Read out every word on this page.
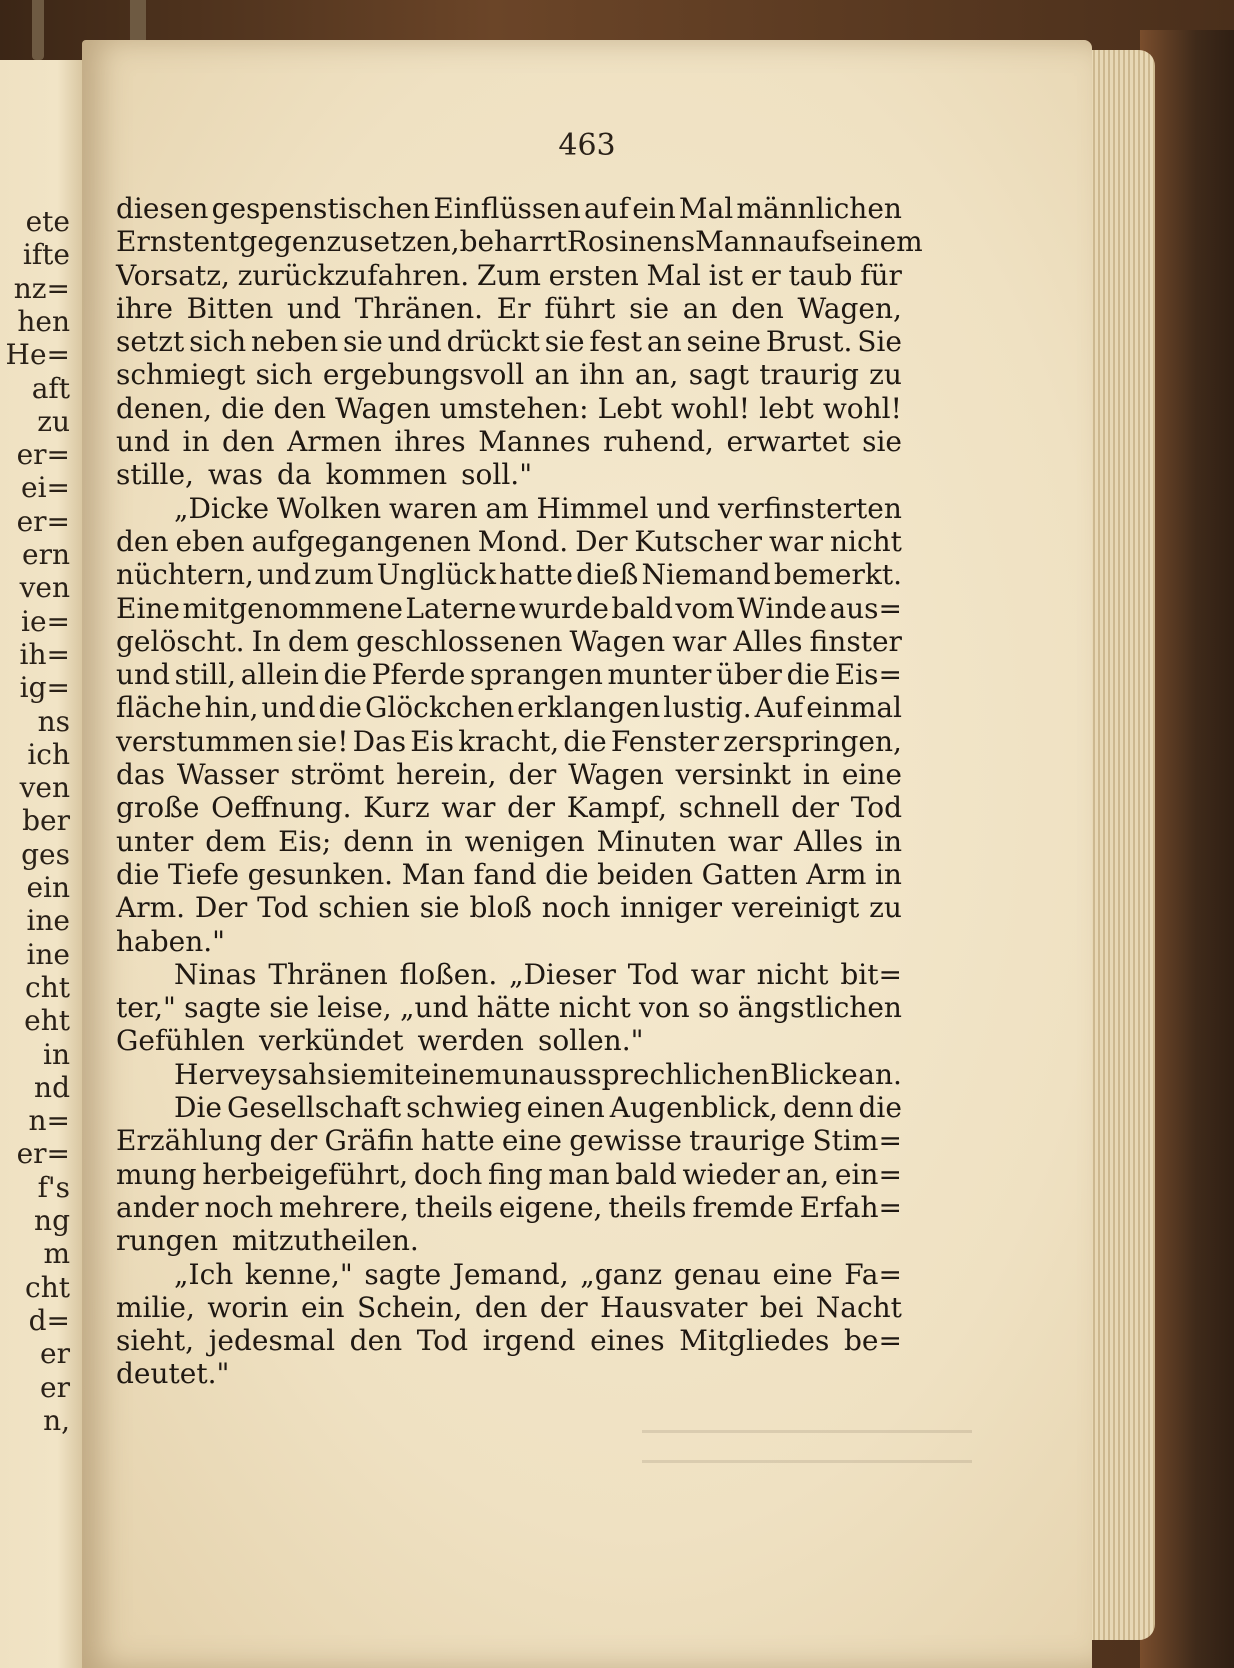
ete
ifte
nz=
hen
He=
aft
zu
er=
ei=
er=
ern
ven
ie=
ih=
ig=
ns
ich
ven
ber
ges
ein
ine
ine
cht
eht
in
nd
n=
er=
f's
ng
m
cht
d=
er
er
n,
463
diesen gespenstischen Einflüssen auf ein Mal männlichen
Ernst entgegenzusetzen, beharrt Rosinens Mann auf seinem
Vorsatz, zurückzufahren. Zum ersten Mal ist er taub für
ihre Bitten und Thränen. Er führt sie an den Wagen,
setzt sich neben sie und drückt sie fest an seine Brust. Sie
schmiegt sich ergebungsvoll an ihn an, sagt traurig zu
denen, die den Wagen umstehen: Lebt wohl! lebt wohl!
und in den Armen ihres Mannes ruhend, erwartet sie
stille, was da kommen soll."
„Dicke Wolken waren am Himmel und verfinsterten
den eben aufgegangenen Mond. Der Kutscher war nicht
nüchtern, und zum Unglück hatte dieß Niemand bemerkt.
Eine mitgenommene Laterne wurde bald vom Winde aus=
gelöscht. In dem geschlossenen Wagen war Alles finster
und still, allein die Pferde sprangen munter über die Eis=
fläche hin, und die Glöckchen erklangen lustig. Auf einmal
verstummen sie! Das Eis kracht, die Fenster zerspringen,
das Wasser strömt herein, der Wagen versinkt in eine
große Oeffnung. Kurz war der Kampf, schnell der Tod
unter dem Eis; denn in wenigen Minuten war Alles in
die Tiefe gesunken. Man fand die beiden Gatten Arm in
Arm. Der Tod schien sie bloß noch inniger vereinigt zu
haben."
Ninas Thränen floßen. „Dieser Tod war nicht bit=
ter," sagte sie leise, „und hätte nicht von so ängstlichen
Gefühlen verkündet werden sollen."
Hervey sah sie mit einem unaussprechlichen Blicke an.
Die Gesellschaft schwieg einen Augenblick, denn die
Erzählung der Gräfin hatte eine gewisse traurige Stim=
mung herbeigeführt, doch fing man bald wieder an, ein=
ander noch mehrere, theils eigene, theils fremde Erfah=
rungen mitzutheilen.
„Ich kenne," sagte Jemand, „ganz genau eine Fa=
milie, worin ein Schein, den der Hausvater bei Nacht
sieht, jedesmal den Tod irgend eines Mitgliedes be=
deutet."
